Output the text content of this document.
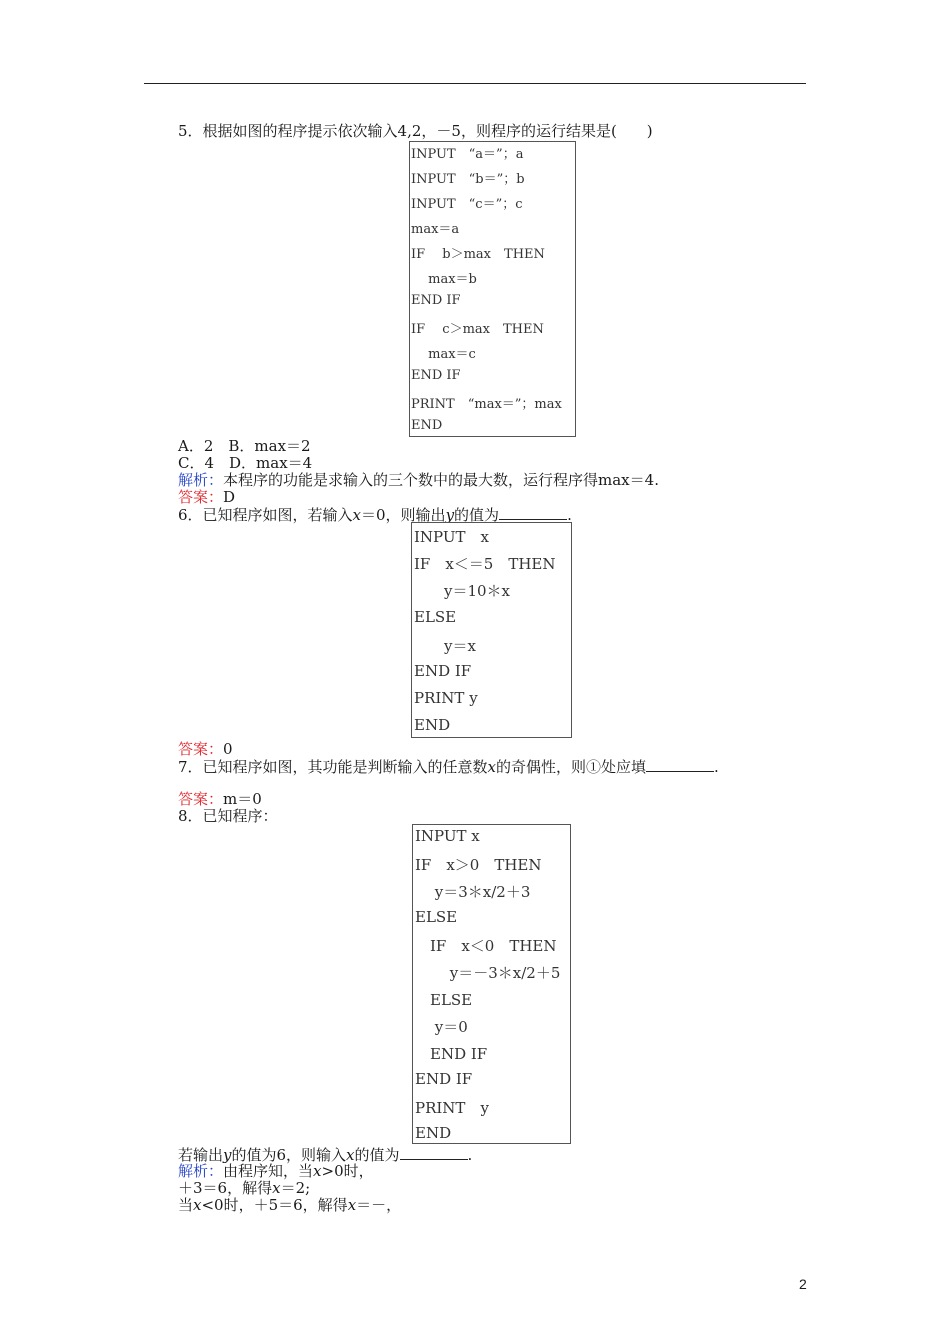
5．根据如图的程序提示依次输入4,2，－5，则程序的运行结果是(　　)
A．2　B．max＝2
C．4　D．max＝4
解析：本程序的功能是求输入的三个数中的最大数，运行程序得max＝4.
答案：D
6．已知程序如图，若输入x＝0，则输出y的值为	.
答案：0
7．已知程序如图，其功能是判断输入的任意数x的奇偶性，则①处应填	.
答案：m＝0
8．已知程序：
若输出y的值为6，则输入x的值为	.
解析：由程序知，当x>0时，
＋3＝6，解得x＝2;
当x<0时，＋5＝6，解得x＝－，
2
INPUT　“a＝”；a
INPUT　“b＝”；b
INPUT　“c＝”；c
max＝a
IF　 b＞max　THEN
　 max＝b
END IF
IF　 c＞max　THEN
　 max＝c
END IF
PRINT　“max＝”；max
END
INPUT　x
IF　x＜＝5　THEN
　　y＝10＊x
ELSE
　　y＝x
END IF
PRINT y
END
INPUT x
IF　x＞0　THEN
　 y＝3＊x/2＋3
ELSE
　IF　x＜0　THEN
　　 y＝－3＊x/2＋5
　ELSE
　 y＝0
　END IF
END IF
PRINT　y
END
